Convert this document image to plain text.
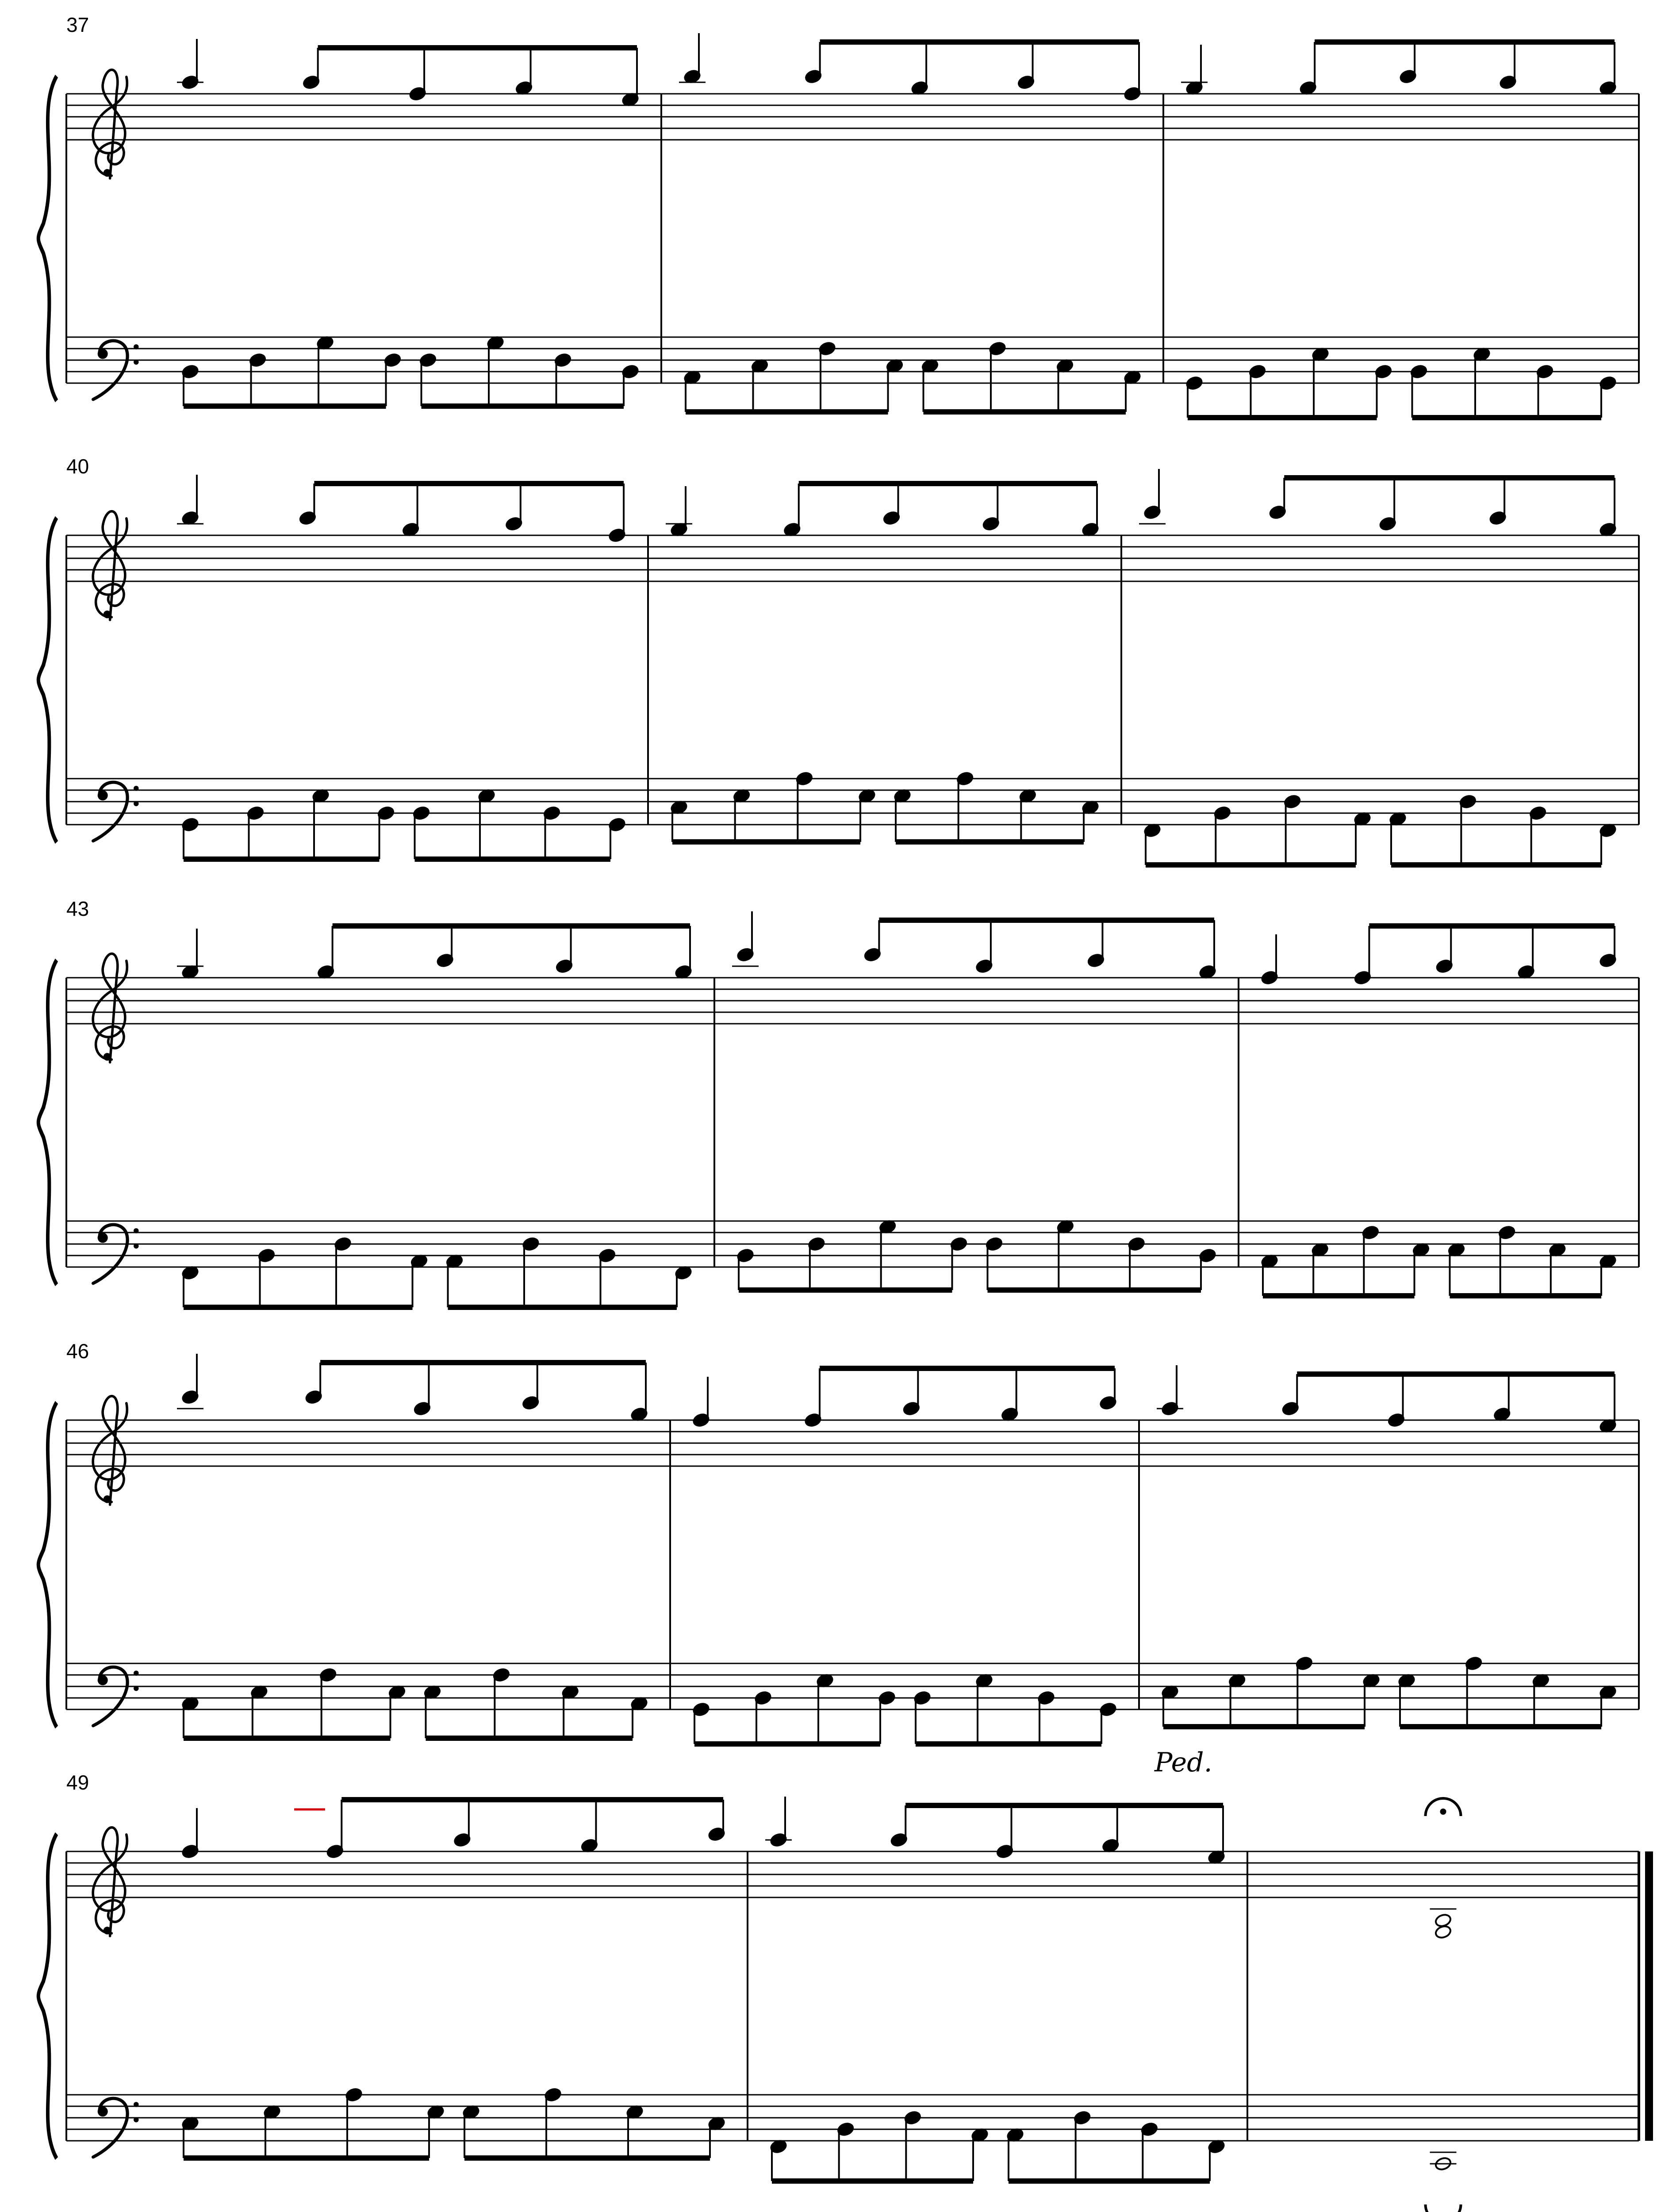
37
40
43
46
Ped.
49
